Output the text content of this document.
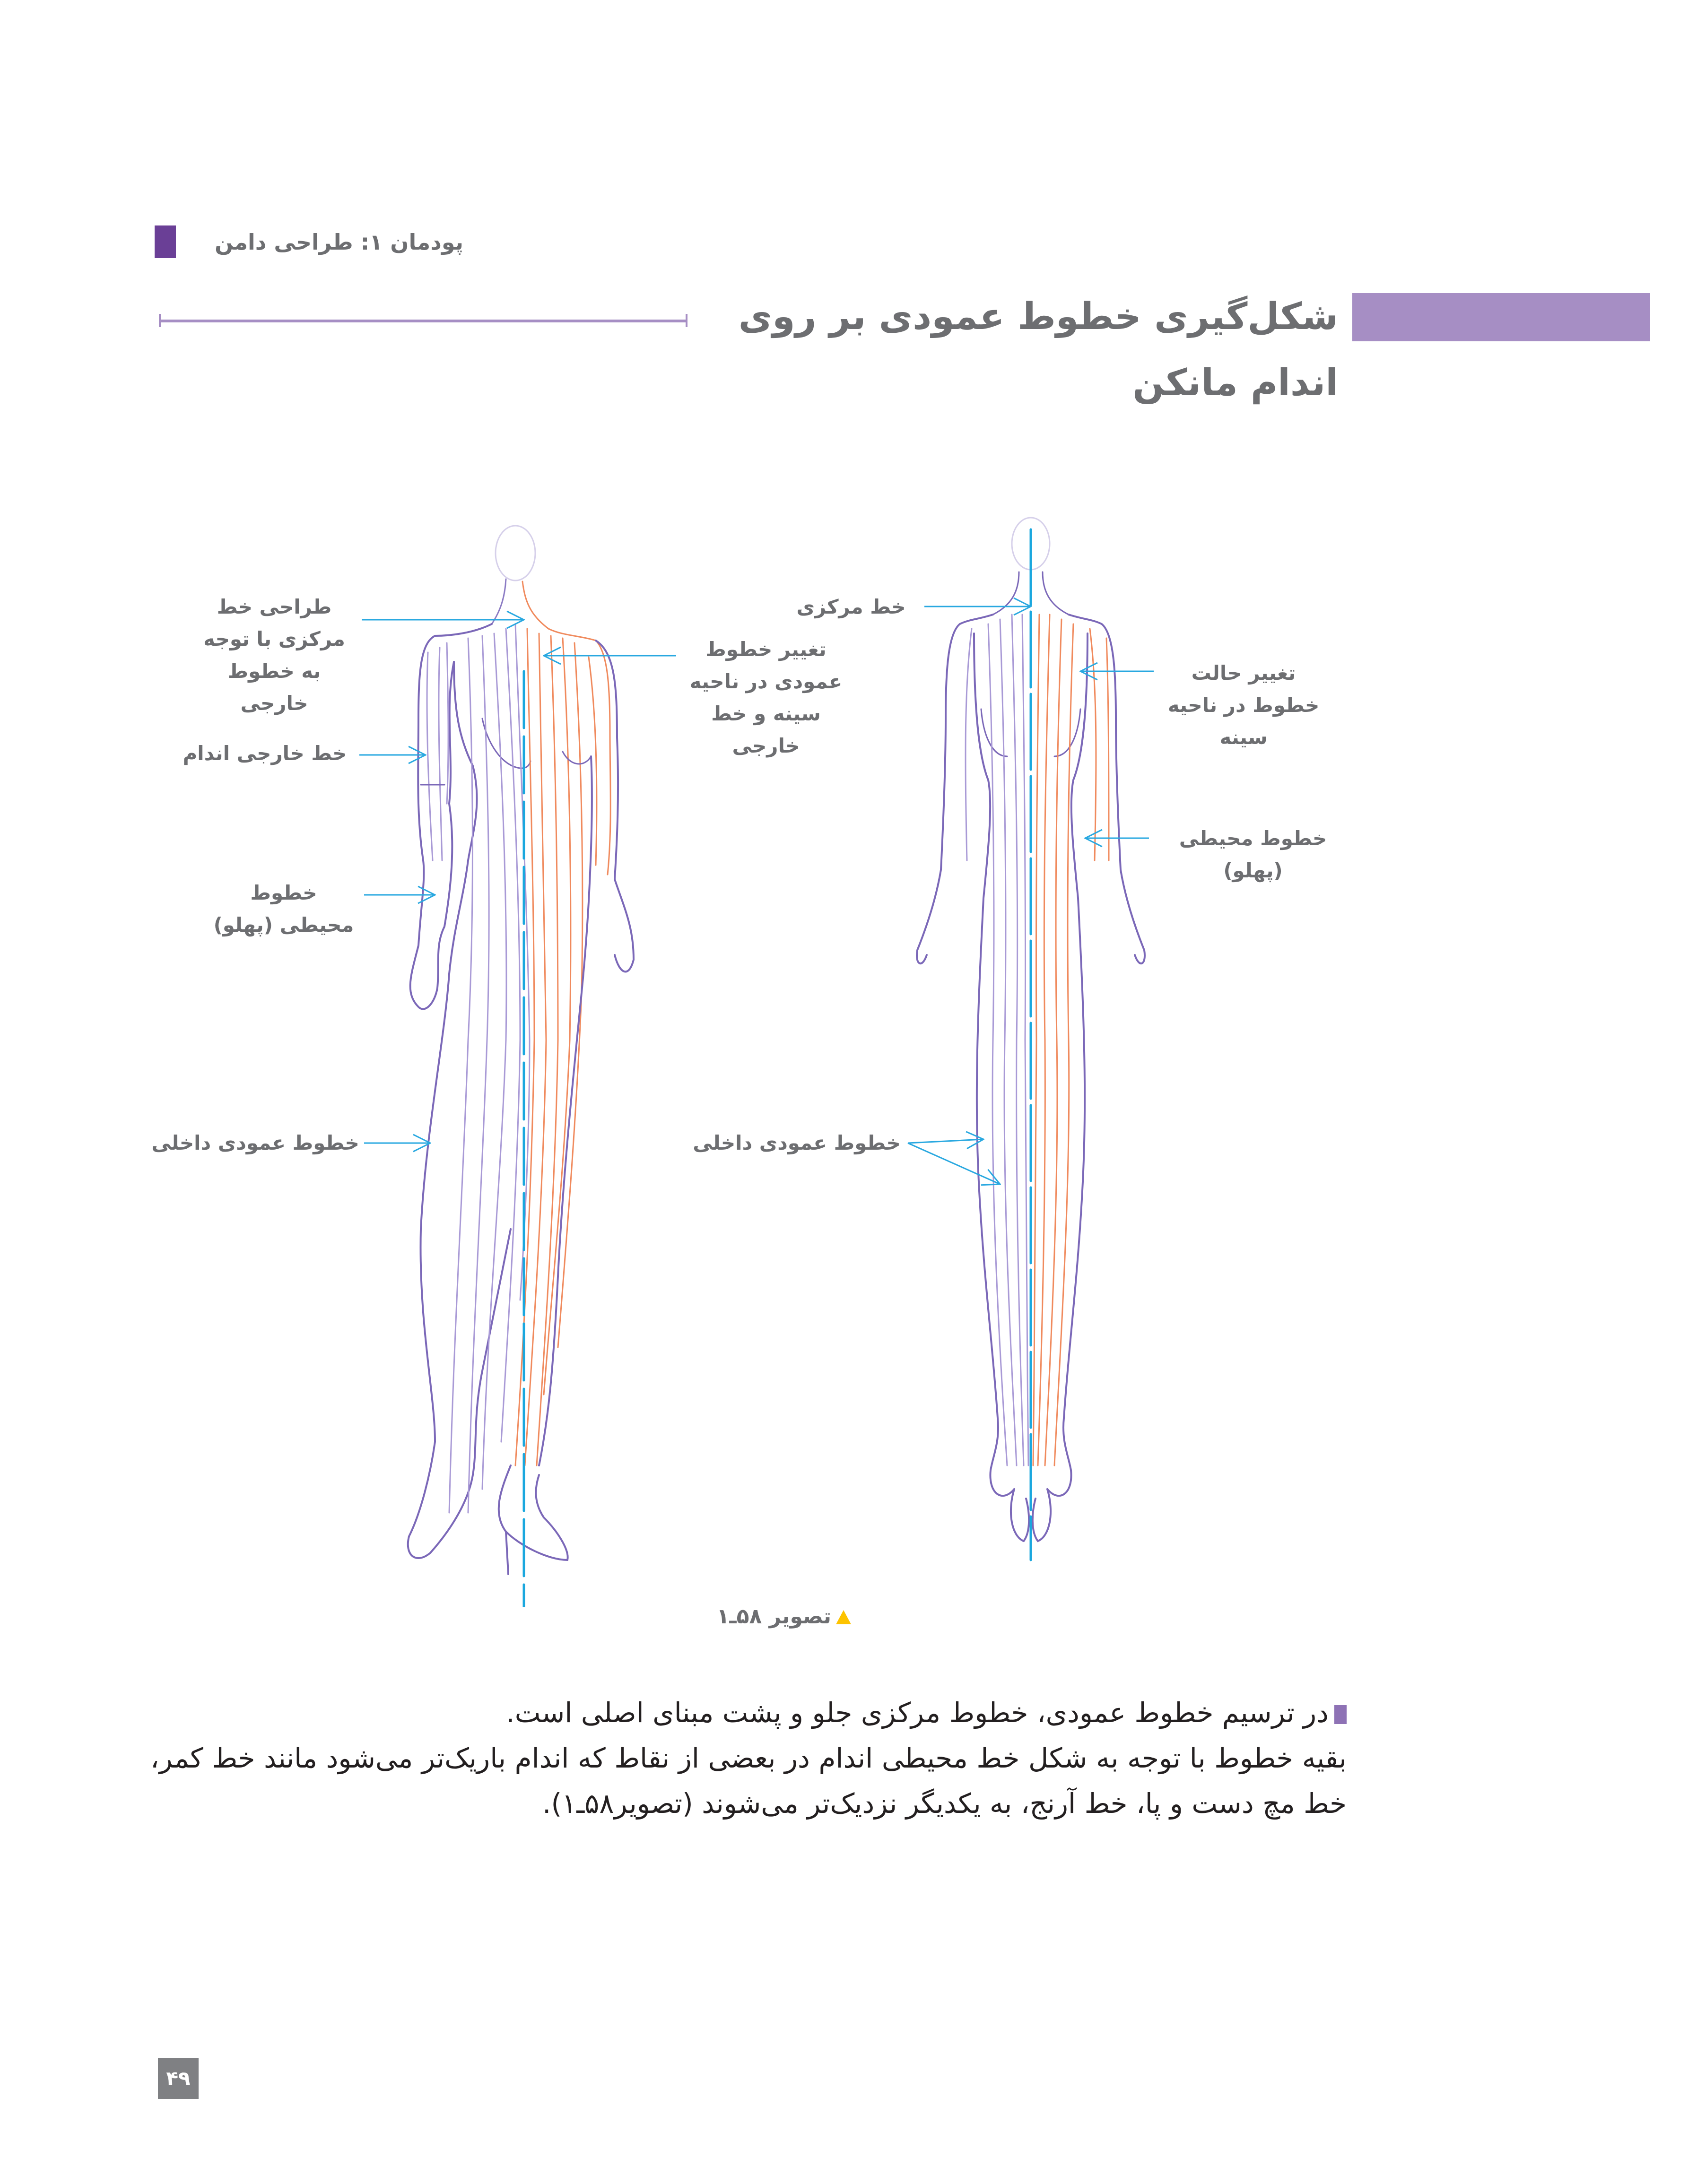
پودمان ۱: طراحی دامن
شکل‌گیری خطوط عمودی بر روی اندام مانکن
طراحی خط مرکزی با توجه به خطوط خارجی
خط خارجی اندام
خطوط محیطی (پهلو)
خطوط عمودی داخلی
تغییر خطوط عمودی در ناحیه سینه و خط خارجی
خط مرکزی
تغییر حالت خطوط در ناحیه سینه
خطوط محیطی (پهلو)
خطوط عمودی داخلی
تصویر ۵۸ـ۱

در ترسیم خطوط عمودی، خطوط مرکزی جلو و پشت مبنای اصلی است.

بقیه خطوط با توجه به شکل خط محیطی اندام در بعضی از نقاط که اندام باریک‌تر می‌شود مانند خط کمر، خط مچ دست و پا، خط آرنج، به یکدیگر نزدیک‌تر می‌شوند (تصویر۵۸ـ۱).

۴۹
